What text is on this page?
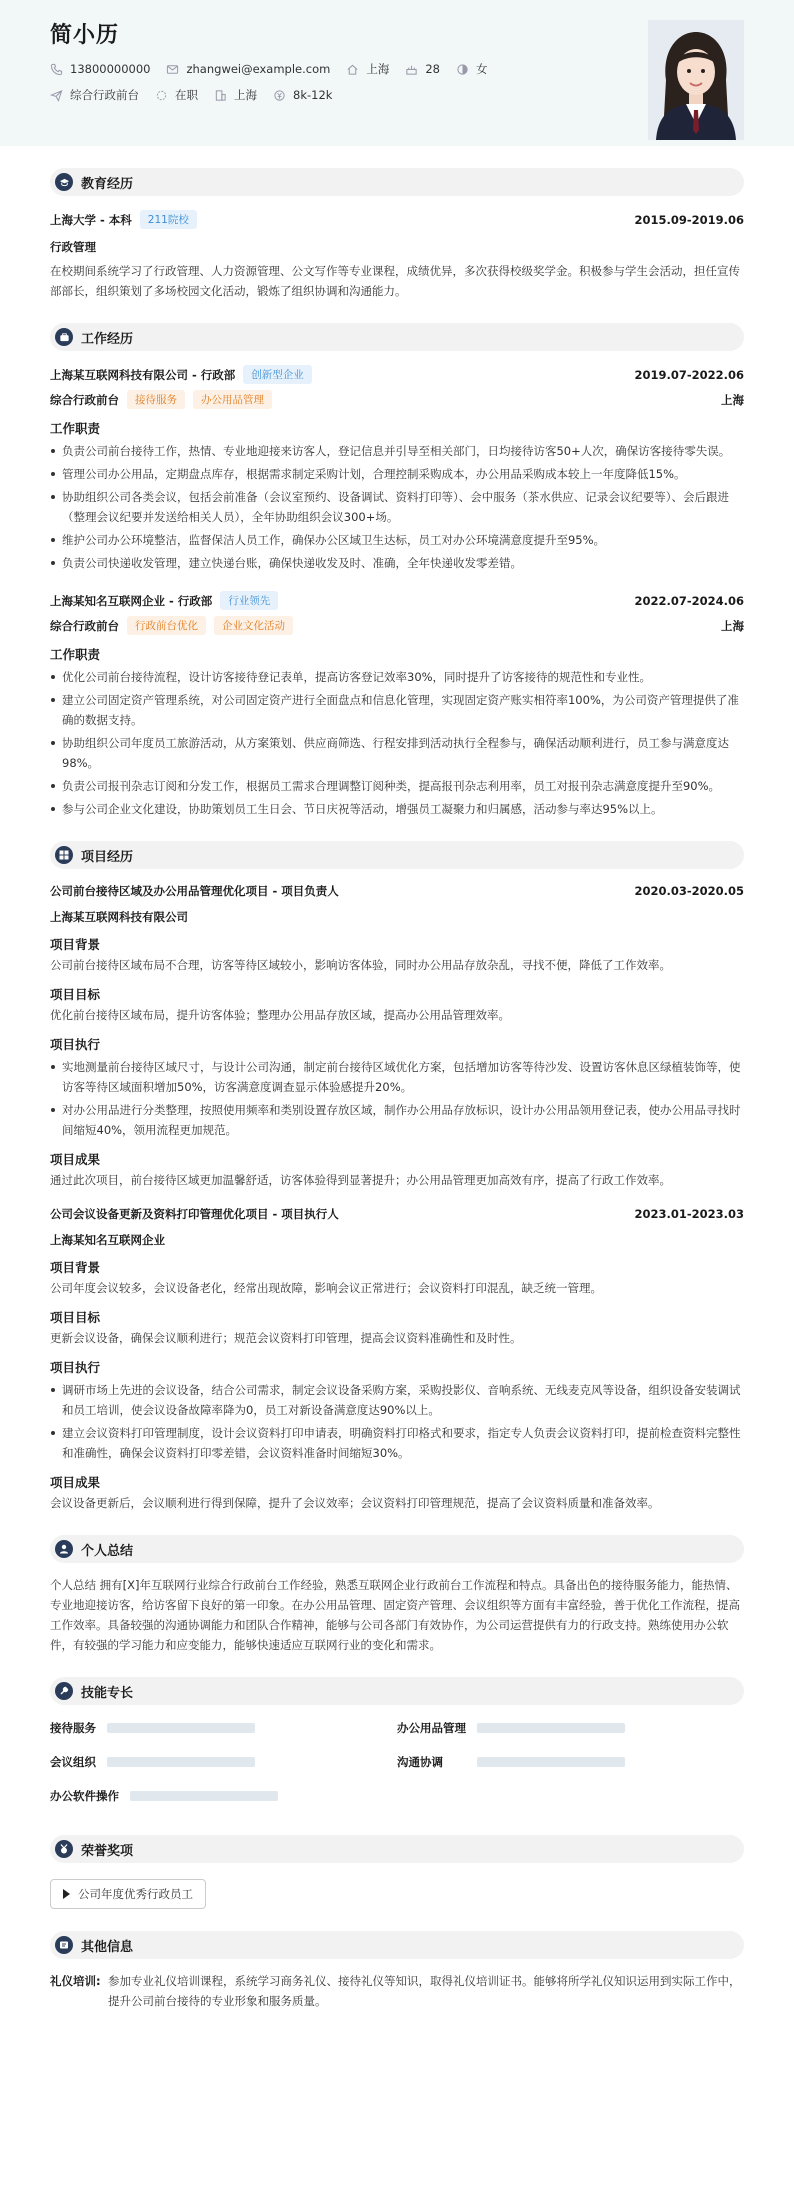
简小历
13800000000	zhangwei@example.com	上海	28	女
综合行政前台	在职	上海	8k-12k
教育经历
上海大学 - 本科	211院校	2015.09-2019.06
行政管理
在校期间系统学习了行政管理、人力资源管理、公文写作等专业课程，成绩优异，多次获得校级奖学金。积极参与学生会活动，担任宣传部部长，组织策划了多场校园文化活动，锻炼了组织协调和沟通能力。
工作经历
上海某互联网科技有限公司 - 行政部	创新型企业	2019.07-2022.06
综合行政前台	接待服务	办公用品管理	上海
工作职责
负责公司前台接待工作，热情、专业地迎接来访客人，登记信息并引导至相关部门，日均接待访客50+人次，确保访客接待零失误。
管理公司办公用品，定期盘点库存，根据需求制定采购计划，合理控制采购成本，办公用品采购成本较上一年度降低15%。
协助组织公司各类会议，包括会前准备（会议室预约、设备调试、资料打印等）、会中服务（茶水供应、记录会议纪要等）、会后跟进（整理会议纪要并发送给相关人员），全年协助组织会议300+场。
维护公司办公环境整洁，监督保洁人员工作，确保办公区域卫生达标，员工对办公环境满意度提升至95%。
负责公司快递收发管理，建立快递台账，确保快递收发及时、准确，全年快递收发零差错。
上海某知名互联网企业 - 行政部	行业领先	2022.07-2024.06
综合行政前台	行政前台优化	企业文化活动	上海
工作职责
优化公司前台接待流程，设计访客接待登记表单，提高访客登记效率30%，同时提升了访客接待的规范性和专业性。
建立公司固定资产管理系统，对公司固定资产进行全面盘点和信息化管理，实现固定资产账实相符率100%，为公司资产管理提供了准确的数据支持。
协助组织公司年度员工旅游活动，从方案策划、供应商筛选、行程安排到活动执行全程参与，确保活动顺利进行，员工参与满意度达98%。
负责公司报刊杂志订阅和分发工作，根据员工需求合理调整订阅种类，提高报刊杂志利用率，员工对报刊杂志满意度提升至90%。
参与公司企业文化建设，协助策划员工生日会、节日庆祝等活动，增强员工凝聚力和归属感，活动参与率达95%以上。
项目经历
公司前台接待区域及办公用品管理优化项目 - 项目负责人	2020.03-2020.05
上海某互联网科技有限公司
项目背景
公司前台接待区域布局不合理，访客等待区域较小，影响访客体验，同时办公用品存放杂乱，寻找不便，降低了工作效率。
项目目标
优化前台接待区域布局，提升访客体验；整理办公用品存放区域，提高办公用品管理效率。
项目执行
实地测量前台接待区域尺寸，与设计公司沟通，制定前台接待区域优化方案，包括增加访客等待沙发、设置访客休息区绿植装饰等，使访客等待区域面积增加50%，访客满意度调查显示体验感提升20%。
对办公用品进行分类整理，按照使用频率和类别设置存放区域，制作办公用品存放标识，设计办公用品领用登记表，使办公用品寻找时间缩短40%，领用流程更加规范。
项目成果
通过此次项目，前台接待区域更加温馨舒适，访客体验得到显著提升；办公用品管理更加高效有序，提高了行政工作效率。
公司会议设备更新及资料打印管理优化项目 - 项目执行人	2023.01-2023.03
上海某知名互联网企业
项目背景
公司年度会议较多，会议设备老化，经常出现故障，影响会议正常进行；会议资料打印混乱，缺乏统一管理。
项目目标
更新会议设备，确保会议顺利进行；规范会议资料打印管理，提高会议资料准确性和及时性。
项目执行
调研市场上先进的会议设备，结合公司需求，制定会议设备采购方案，采购投影仪、音响系统、无线麦克风等设备，组织设备安装调试和员工培训，使会议设备故障率降为0，员工对新设备满意度达90%以上。
建立会议资料打印管理制度，设计会议资料打印申请表，明确资料打印格式和要求，指定专人负责会议资料打印，提前检查资料完整性和准确性，确保会议资料打印零差错，会议资料准备时间缩短30%。
项目成果
会议设备更新后，会议顺利进行得到保障，提升了会议效率；会议资料打印管理规范，提高了会议资料质量和准备效率。
个人总结
个人总结 拥有[X]年互联网行业综合行政前台工作经验，熟悉互联网企业行政前台工作流程和特点。具备出色的接待服务能力，能热情、专业地迎接访客，给访客留下良好的第一印象。在办公用品管理、固定资产管理、会议组织等方面有丰富经验，善于优化工作流程，提高工作效率。具备较强的沟通协调能力和团队合作精神，能够与公司各部门有效协作，为公司运营提供有力的行政支持。熟练使用办公软件，有较强的学习能力和应变能力，能够快速适应互联网行业的变化和需求。
技能专长
接待服务	办公用品管理
会议组织	沟通协调
办公软件操作
荣誉奖项
公司年度优秀行政员工
其他信息
礼仪培训: 参加专业礼仪培训课程，系统学习商务礼仪、接待礼仪等知识，取得礼仪培训证书。能够将所学礼仪知识运用到实际工作中，提升公司前台接待的专业形象和服务质量。
